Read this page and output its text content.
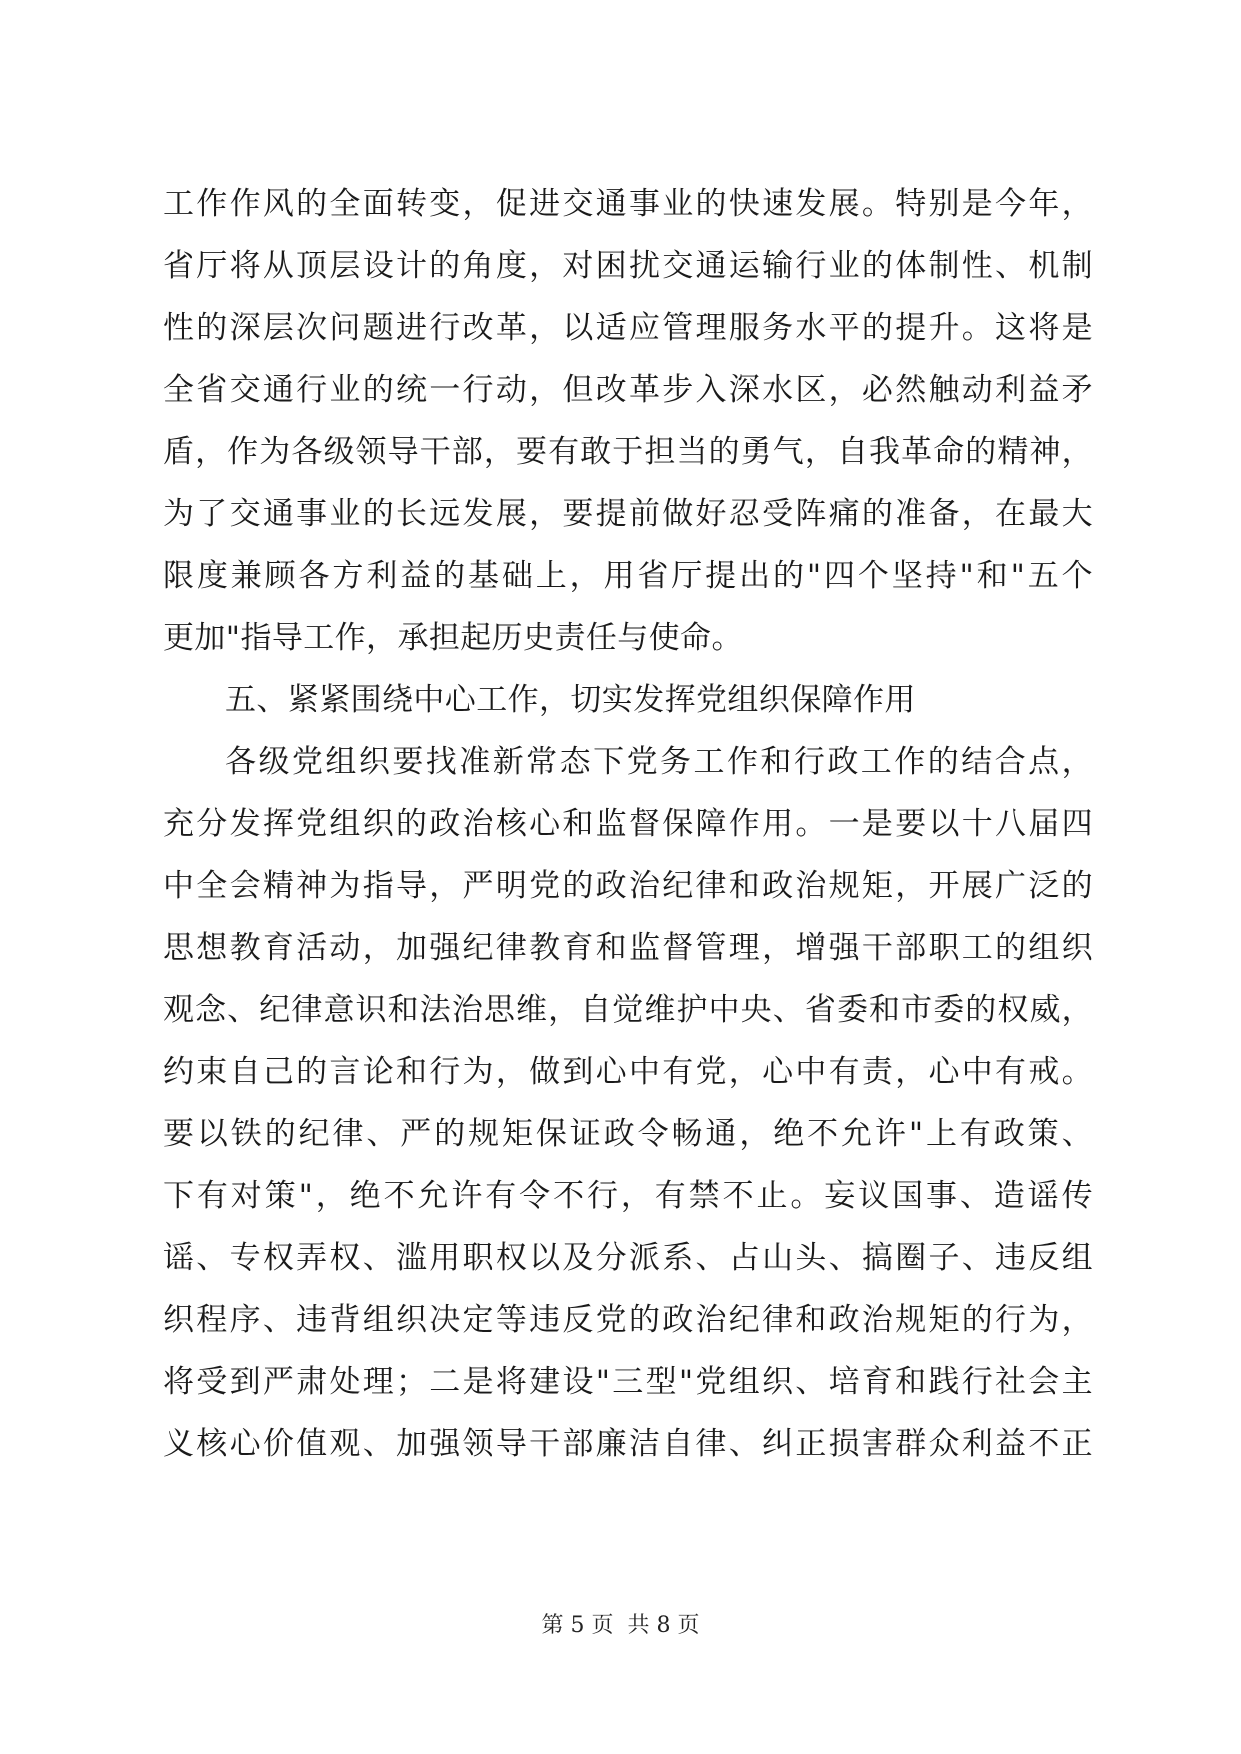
工作作风的全面转变，促进交通事业的快速发展。特别是今年，
省厅将从顶层设计的角度，对困扰交通运输行业的体制性、机制
性的深层次问题进行改革，以适应管理服务水平的提升。这将是
全省交通行业的统一行动，但改革步入深水区，必然触动利益矛
盾，作为各级领导干部，要有敢于担当的勇气，自我革命的精神，
为了交通事业的长远发展，要提前做好忍受阵痛的准备，在最大
限度兼顾各方利益的基础上，用省厅提出的"四个坚持"和"五个
更加"指导工作，承担起历史责任与使命。
五、紧紧围绕中心工作，切实发挥党组织保障作用
各级党组织要找准新常态下党务工作和行政工作的结合点，
充分发挥党组织的政治核心和监督保障作用。一是要以十八届四
中全会精神为指导，严明党的政治纪律和政治规矩，开展广泛的
思想教育活动，加强纪律教育和监督管理，增强干部职工的组织
观念、纪律意识和法治思维，自觉维护中央、省委和市委的权威，
约束自己的言论和行为，做到心中有党，心中有责，心中有戒。
要以铁的纪律、严的规矩保证政令畅通，绝不允许"上有政策、
下有对策"，绝不允许有令不行，有禁不止。妄议国事、造谣传
谣、专权弄权、滥用职权以及分派系、占山头、搞圈子、违反组
织程序、违背组织决定等违反党的政治纪律和政治规矩的行为，
将受到严肃处理；二是将建设"三型"党组织、培育和践行社会主
义核心价值观、加强领导干部廉洁自律、纠正损害群众利益不正
第 5 页  共 8 页
